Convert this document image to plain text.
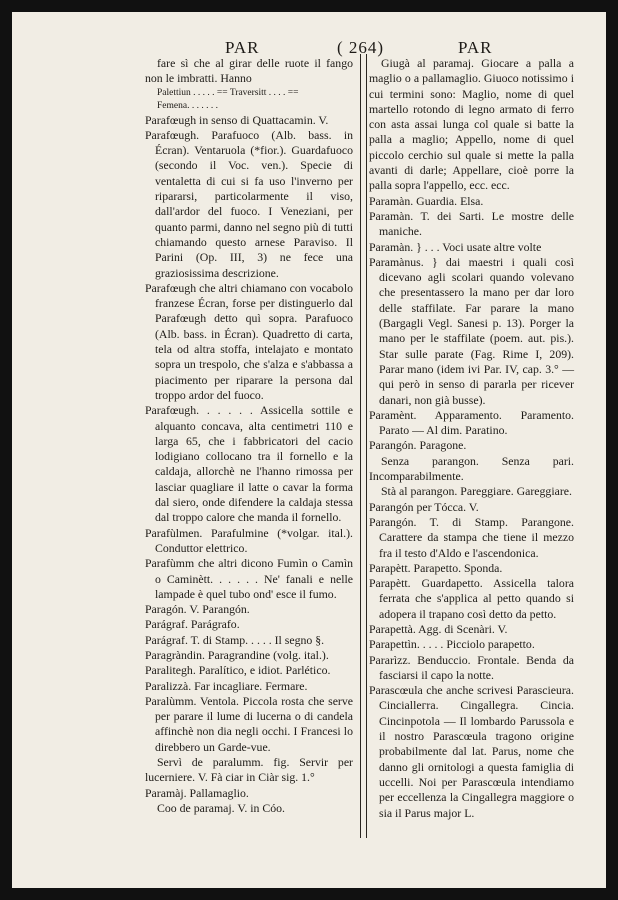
PAR	( 264)	PAR

fare sì che al girar delle ruote il fango non le imbratti. Hanno

Palettiun . . . . . == Traversitt . . . . ==

Femena. . . . . . .

Parafœugh in senso di Quattacamin. V.

Parafœugh. Parafuoco (Alb. bass. in Écran). Ventaruola (*fior.). Guardafuoco (secondo il Voc. ven.). Specie di ventaletta di cui si fa uso l'inverno per ripararsi, particolarmente il viso, dall'ardor del fuoco. I Veneziani, per quanto parmi, danno nel segno più di tutti chiamando questo arnese Paraviso. Il Parini (Op. III, 3) ne fece una graziosissima descrizione.

Parafœugh che altri chiamano con vocabolo franzese Écran, forse per distinguerlo dal Parafœugh detto quì sopra. Parafuoco (Alb. bass. in Écran). Quadretto di carta, tela od altra stoffa, intelajato e montato sopra un trespolo, che s'alza e s'abbassa a piacimento per riparare la persona dal troppo ardor del fuoco.

Parafœugh. . . . . . Assicella sottile e alquanto concava, alta centimetri 110 e larga 65, che i fabbricatori del cacio lodigiano collocano tra il fornello e la caldaja, allorchè ne l'hanno rimossa per lasciar quagliare il latte o cavar la forma dal siero, onde difendere la caldaja stessa dal troppo calore che manda il fornello.

Parafùlmen. Parafulmine (*volgar. ital.). Conduttor elettrico.

Parafùmm che altri dicono Fumìn o Camìn o Caminètt. . . . . . Ne' fanali e nelle lampade è quel tubo ond' esce il fumo.

Paragón. V. Parangón.

Parágraf. Parágrafo.

Parágraf. T. di Stamp. . . . . Il segno §.

Paragràndin. Paragrandine (volg. ital.).

Paralitegh. Paralítico, e idiot. Parlético.

Paralizzà. Far incagliare. Fermare.

Paralùmm. Ventola. Piccola rosta che serve per parare il lume di lucerna o di candela affinchè non dia negli occhi. I Francesi lo direbbero un Garde-vue.

Servì de paralumm. fig. Servir per lucerniere. V. Fà ciar in Ciàr sig. 1.°

Paramàj. Pallamaglio.

Coo de paramaj. V. in Cóo.

Giugà al paramaj. Giocare a palla a maglio o a pallamaglio. Giuoco notissimo i cui termini sono: Maglio, nome di quel martello rotondo di legno armato di ferro con asta assai lunga col quale si batte la palla a maglio; Appello, nome di quel piccolo cerchio sul quale si mette la palla avanti di darle; Appellare, cioè porre la palla sopra l'appello, ecc. ecc.

Paramàn. Guardia. Elsa.

Paramàn. T. dei Sarti. Le mostre delle maniche.

Paramàn. } . . . Voci usate altre volte

Paramànus. } dai maestri i quali così dicevano agli scolari quando volevano che presentassero la mano per dar loro delle staffilate. Far parare la mano (Bargagli Vegl. Sanesi p. 13). Porger la mano per le staffilate (poem. aut. pis.). Star sulle parate (Fag. Rime I, 209). Parar mano (idem ivi Par. IV, cap. 3.° — qui però in senso di pararla per ricever danari, non già busse).

Paramènt. Apparamento. Paramento. Parato — Al dim. Paratino.

Parangón. Paragone.

Senza parangon. Senza pari. Incomparabilmente.

Stà al parangon. Pareggiare. Gareggiare.

Parangón per Tócca. V.

Parangón. T. di Stamp. Parangone. Carattere da stampa che tiene il mezzo fra il testo d'Aldo e l'ascendonica.

Parapètt. Parapetto. Sponda.

Parapètt. Guardapetto. Assicella talora ferrata che s'applica al petto quando si adopera il trapano così detto da petto.

Parapettà. Agg. di Scenàri. V.

Parapettìn. . . . . Picciolo parapetto.

Pararìzz. Benduccio. Frontale. Benda da fasciarsi il capo la notte.

Parascœula che anche scrivesi Parascieura. Cincialleгra. Cingallegra. Cincia. Cincinpotola — Il lombardo Parussola e il nostro Parascœula tragono origine probabilmente dal lat. Parus, nome che danno gli ornitologi a questa famiglia di uccelli. Noi per Parascœula intendiamo per eccellenza la Cingallegra maggiore o sia il Parus major L.
